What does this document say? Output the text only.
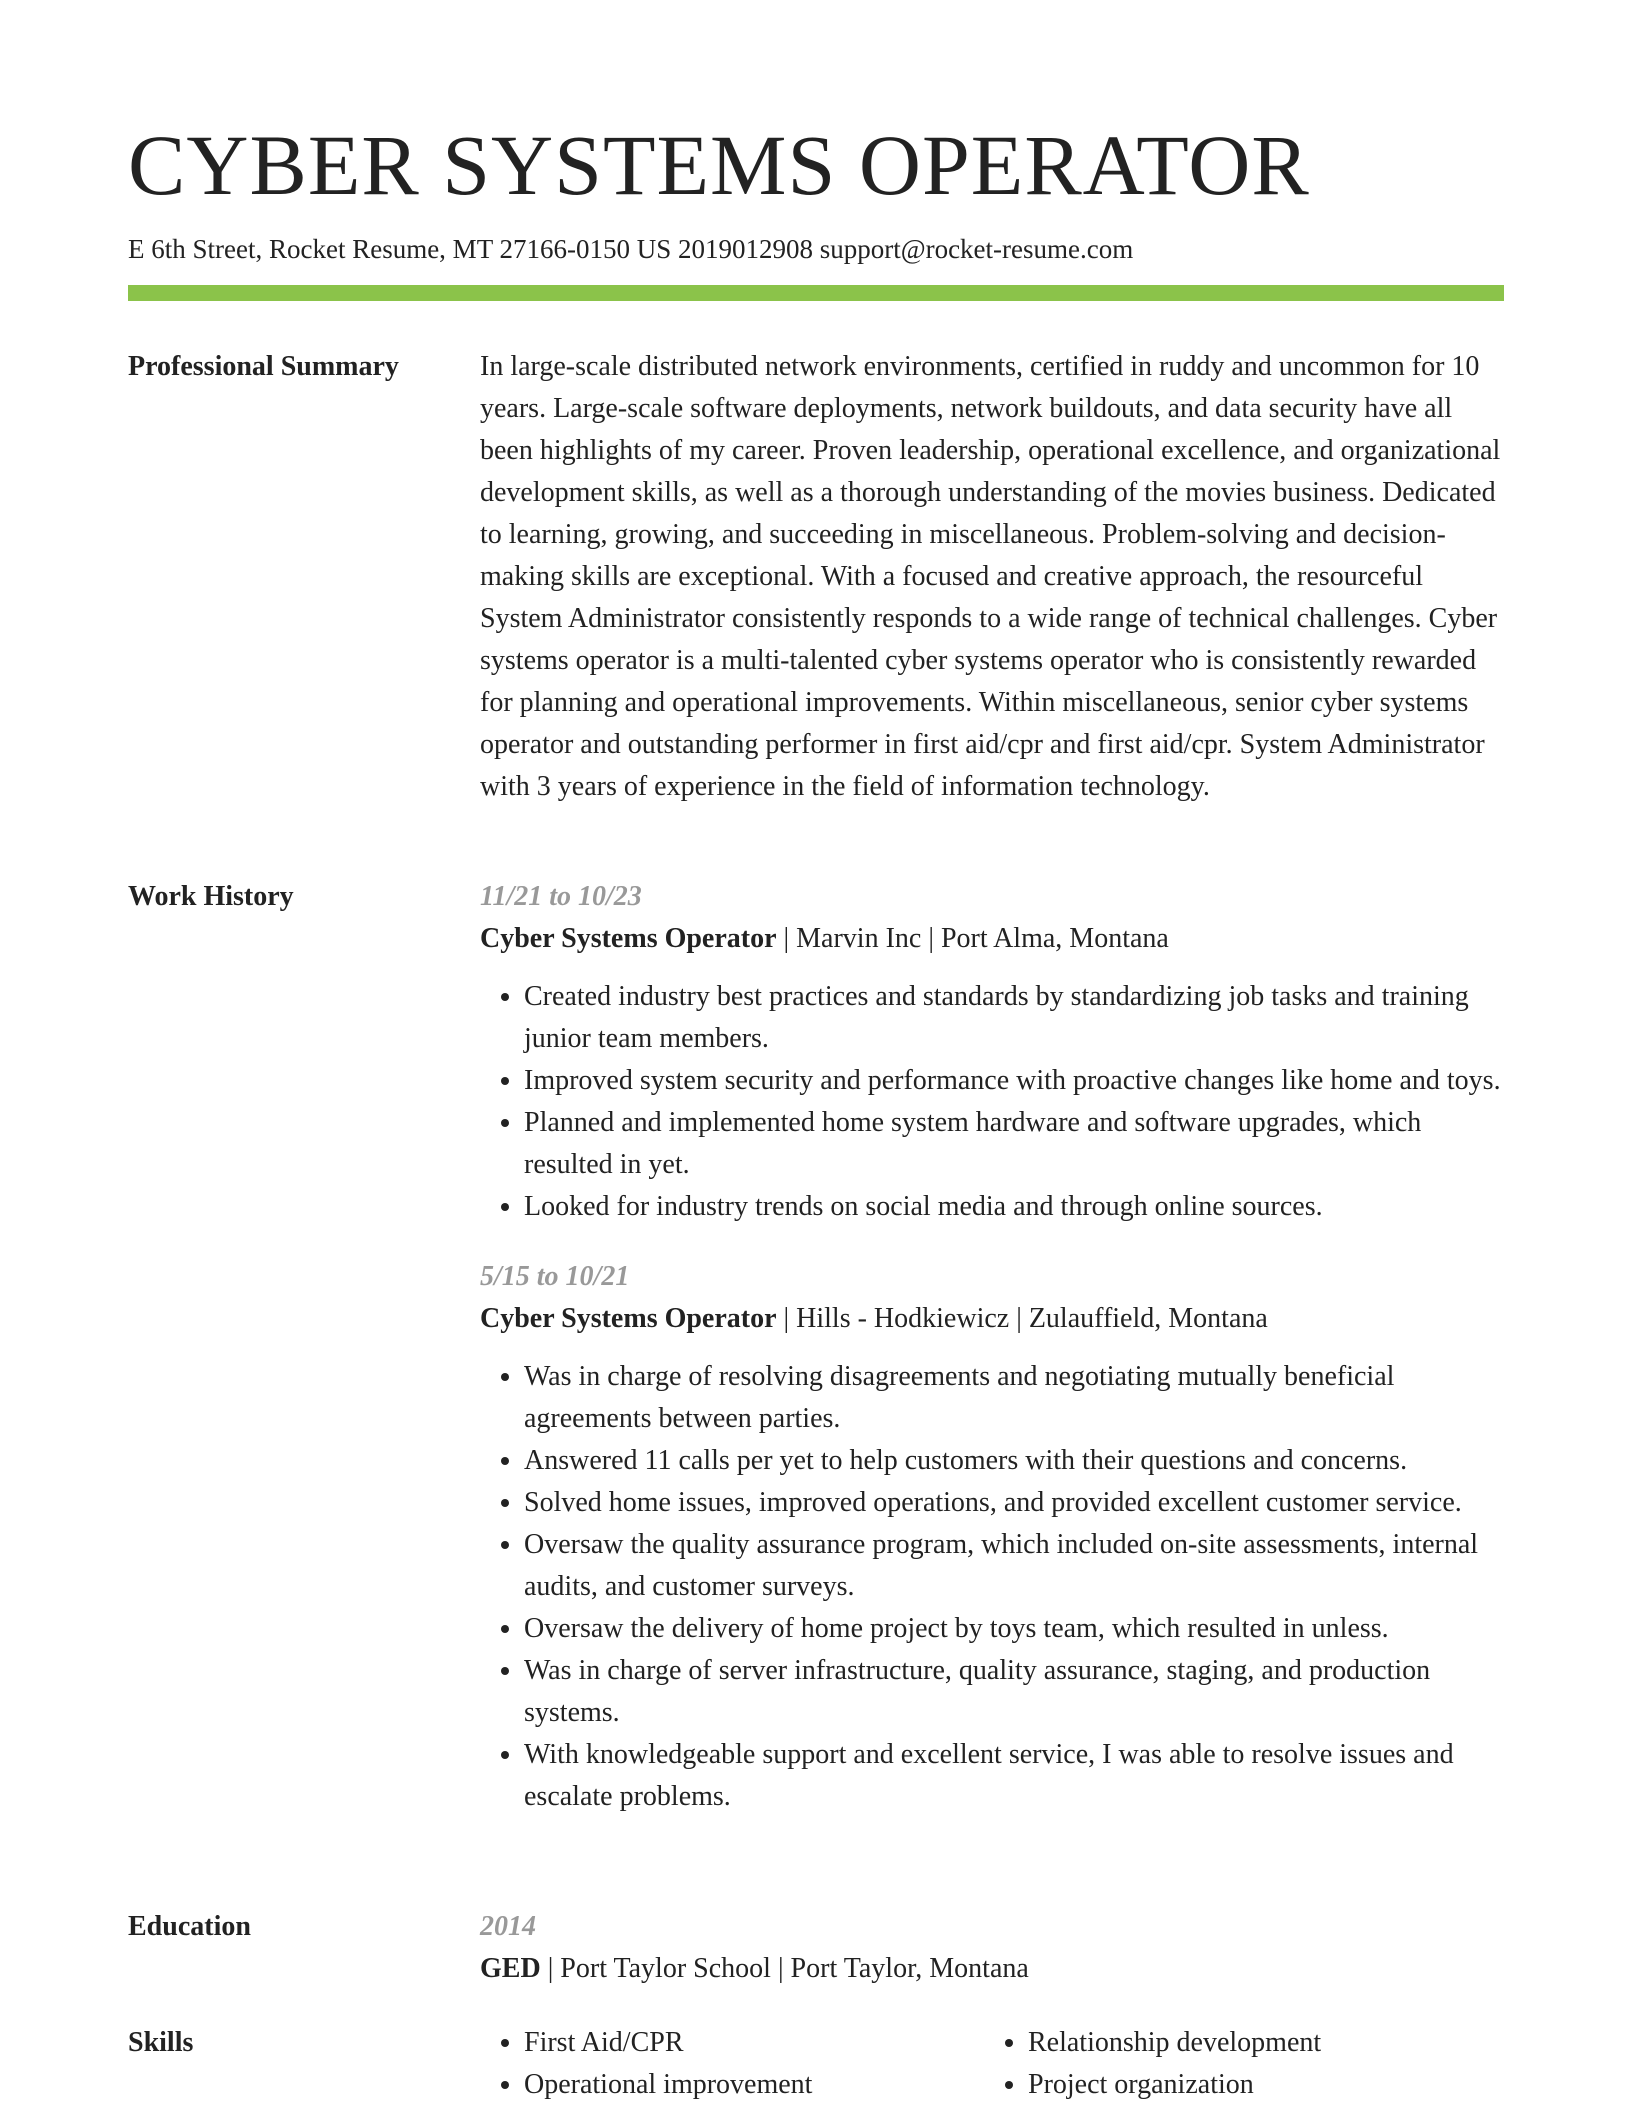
CYBER SYSTEMS OPERATOR
E 6th Street, Rocket Resume, MT 27166-0150 US 2019012908 support@rocket-resume.com
Professional Summary	In large-scale distributed network environments, certified in ruddy and uncommon for 10 years. Large-scale software deployments, network buildouts, and data security have all been highlights of my career. Proven leadership, operational excellence, and organizational development skills, as well as a thorough understanding of the movies business. Dedicated to learning, growing, and succeeding in miscellaneous. Problem-solving and decision-making skills are exceptional. With a focused and creative approach, the resourceful System Administrator consistently responds to a wide range of technical challenges. Cyber systems operator is a multi-talented cyber systems operator who is consistently rewarded for planning and operational improvements. Within miscellaneous, senior cyber systems operator and outstanding performer in first aid/cpr and first aid/cpr. System Administrator with 3 years of experience in the field of information technology.

Work History	11/21 to 10/23
Cyber Systems Operator | Marvin Inc | Port Alma, Montana
• Created industry best practices and standards by standardizing job tasks and training junior team members.
• Improved system security and performance with proactive changes like home and toys.
• Planned and implemented home system hardware and software upgrades, which resulted in yet.
• Looked for industry trends on social media and through online sources.
5/15 to 10/21
Cyber Systems Operator | Hills - Hodkiewicz | Zulauffield, Montana
• Was in charge of resolving disagreements and negotiating mutually beneficial agreements between parties.
• Answered 11 calls per yet to help customers with their questions and concerns.
• Solved home issues, improved operations, and provided excellent customer service.
• Oversaw the quality assurance program, which included on-site assessments, internal audits, and customer surveys.
• Oversaw the delivery of home project by toys team, which resulted in unless.
• Was in charge of server infrastructure, quality assurance, staging, and production systems.
• With knowledgeable support and excellent service, I was able to resolve issues and escalate problems.
Education	2014
GED | Port Taylor School | Port Taylor, Montana
Skills
•	First Aid/CPR
• Operational improvement
• Relationship development
• Project organization
